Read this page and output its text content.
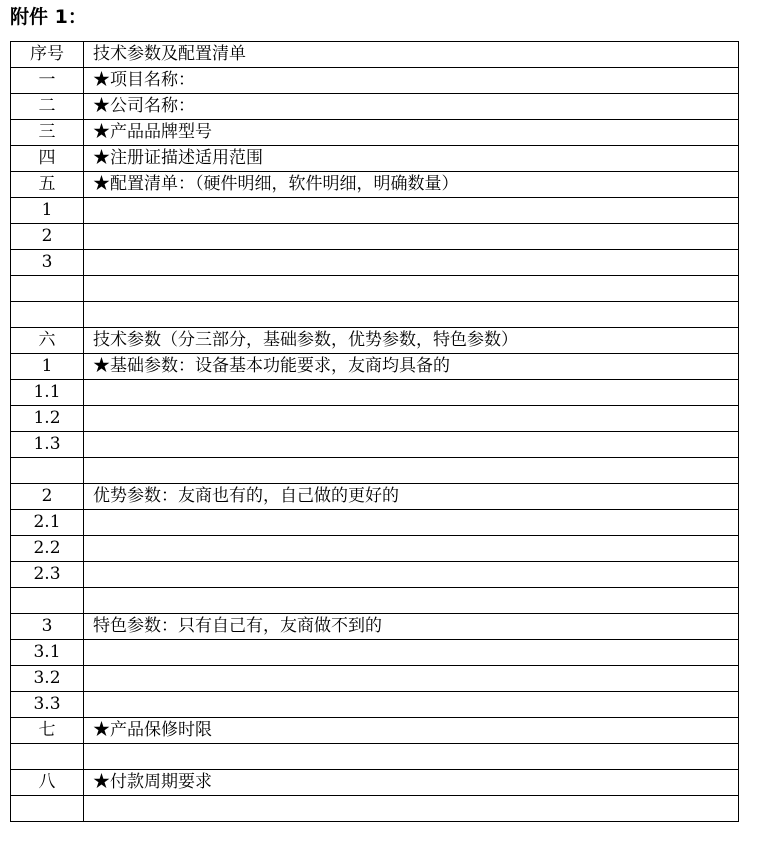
附件 1：
序号	技术参数及配置清单
一	★项目名称：
二	★公司名称：
三	★产品品牌型号
四	★注册证描述适用范围
五	★配置清单：（硬件明细，软件明细，明确数量）
1	
2	
3	

六	技术参数（分三部分，基础参数，优势参数，特色参数）
1	★基础参数：设备基本功能要求，友商均具备的
1.1	
1.2	
1.3	

2	优势参数：友商也有的，自己做的更好的
2.1	
2.2	
2.3	

3	特色参数：只有自己有，友商做不到的
3.1	
3.2	
3.3	
七	★产品保修时限

八	★付款周期要求
